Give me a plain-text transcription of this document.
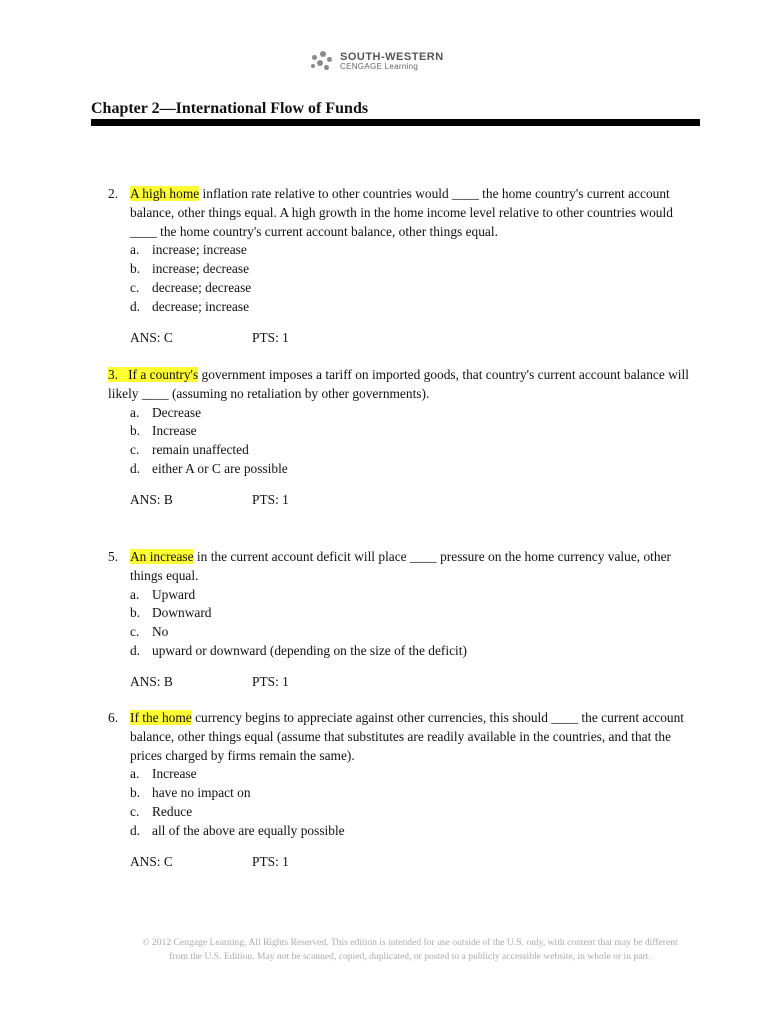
SOUTH-WESTERN
CENGAGE Learning
Chapter 2—International Flow of Funds
2. A high home inflation rate relative to other countries would ____ the home country's current account balance, other things equal. A high growth in the home income level relative to other countries would ____ the home country's current account balance, other things equal.
a. increase; increase
b. increase; decrease
c. decrease; decrease
d. decrease; increase
ANS: C	PTS: 1
3.   If a country's government imposes a tariff on imported goods, that country's current account balance will likely ____ (assuming no retaliation by other governments).
a. Decrease
b. Increase
c. remain unaffected
d. either A or C are possible
ANS: B	PTS: 1
5. An increase in the current account deficit will place ____ pressure on the home currency value, other things equal.
a. Upward
b. Downward
c. No
d. upward or downward (depending on the size of the deficit)
ANS: B	PTS: 1
6. If the home currency begins to appreciate against other currencies, this should ____ the current account balance, other things equal (assume that substitutes are readily available in the countries, and that the prices charged by firms remain the same).
a. Increase
b. have no impact on
c. Reduce
d. all of the above are equally possible
ANS: C	PTS: 1
© 2012 Cengage Learning. All Rights Reserved. This edition is intended for use outside of the U.S. only, with content that may be different
from the U.S. Edition. May not be scanned, copied, duplicated, or posted to a publicly accessible website, in whole or in part.
